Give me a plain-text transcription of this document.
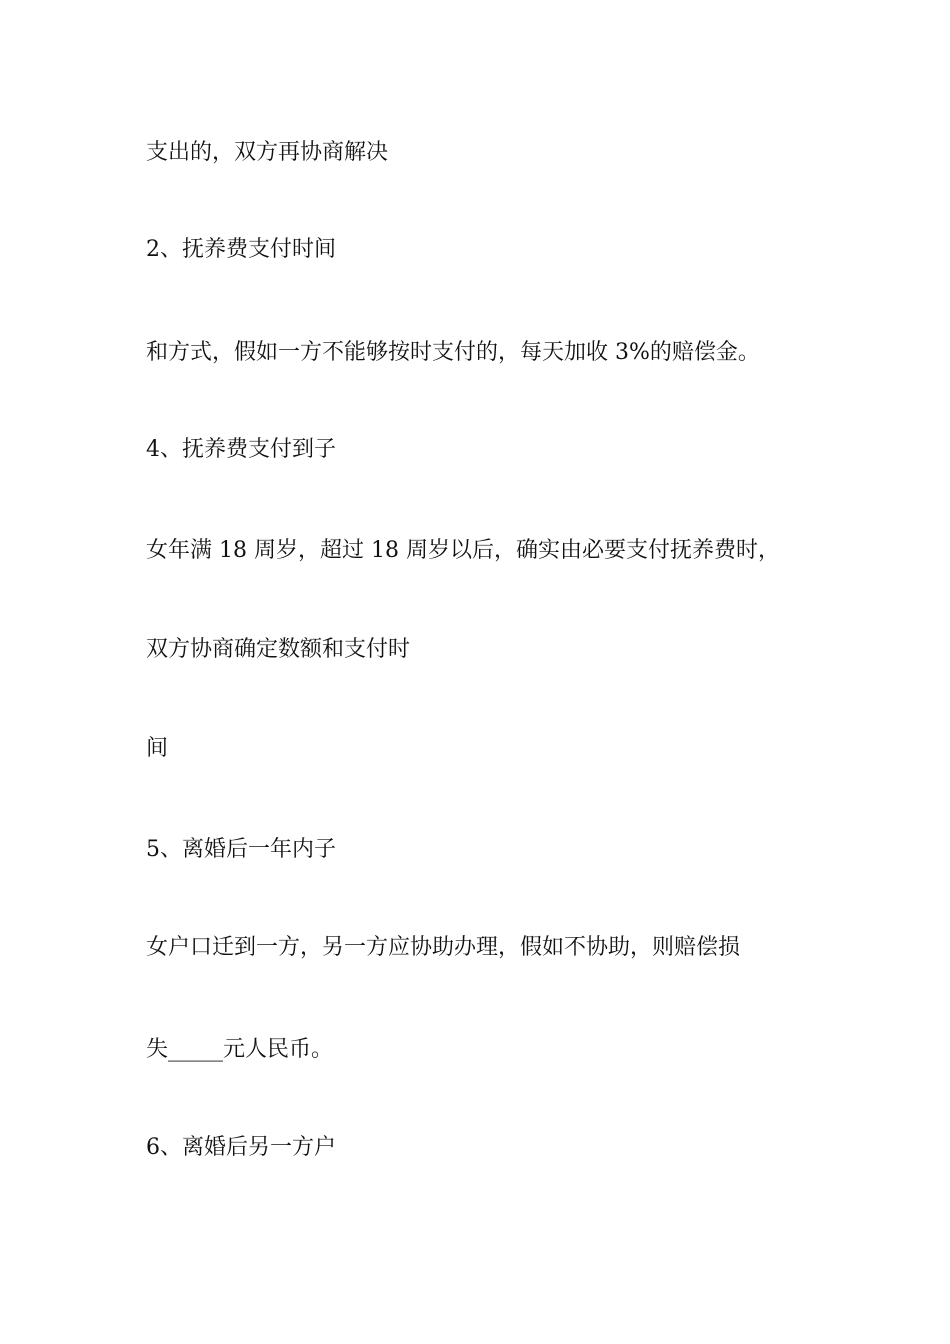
支出的，双方再协商解决

2、抚养费支付时间

和方式，假如一方不能够按时支付的，每天加收 3%的赔偿金。

4、抚养费支付到子

女年满 18 周岁，超过 18 周岁以后，确实由必要支付抚养费时，

双方协商确定数额和支付时

间

5、离婚后一年内子

女户口迁到一方，另一方应协助办理，假如不协助，则赔偿损

失_____元人民币。

6、离婚后另一方户
